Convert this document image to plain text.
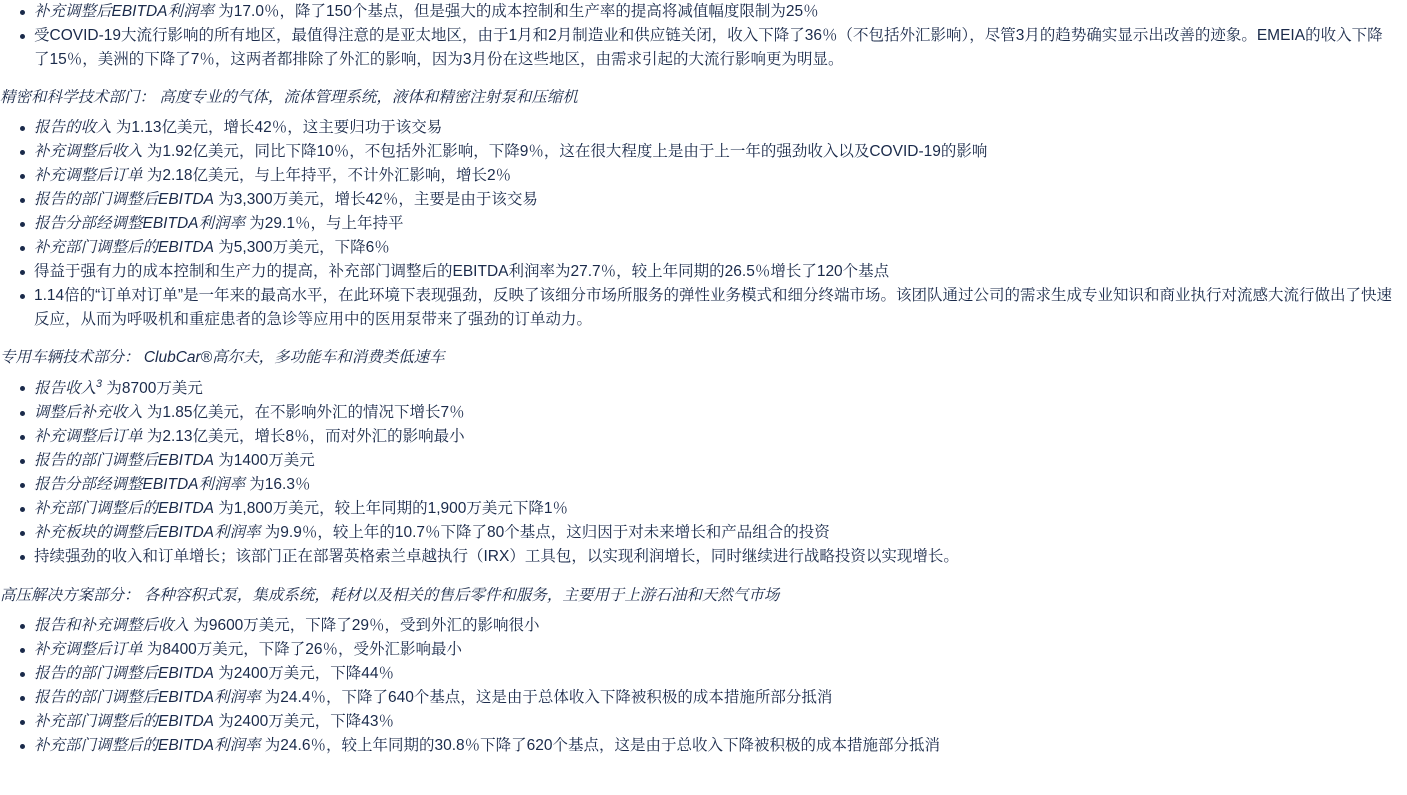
补充调整后EBITDA利润率 为17.0％，降了150个基点，但是强大的成本控制和生产率的提高将减值幅度限制为25％
受COVID-19大流行影响的所有地区，最值得注意的是亚太地区，由于1月和2月制造业和供应链关闭，收入下降了36％（不包括外汇影响），尽管3月的趋势确实显示出改善的迹象。EMEIA的收入下降了15％，美洲的下降了7％，这两者都排除了外汇的影响，因为3月份在这些地区，由需求引起的大流行影响更为明显。

精密和科学技术部门： 高度专业的气体，流体管理系统，液体和精密注射泵和压缩机

报告的收入 为1.13亿美元，增长42％，这主要归功于该交易
补充调整后收入 为1.92亿美元，同比下降10％，不包括外汇影响，下降9％，这在很大程度上是由于上一年的强劲收入以及COVID-19的影响
补充调整后订单 为2.18亿美元，与上年持平，不计外汇影响，增长2％
报告的部门调整后EBITDA 为3,300万美元，增长42％，主要是由于该交易
报告分部经调整EBITDA利润率 为29.1％，与上年持平
补充部门调整后的EBITDA 为5,300万美元，下降6％
得益于强有力的成本控制和生产力的提高，补充部门调整后的EBITDA利润率为27.7％，较上年同期的26.5％增长了120个基点
1.14倍的“订单对订单”是一年来的最高水平，在此环境下表现强劲，反映了该细分市场所服务的弹性业务模式和细分终端市场。该团队通过公司的需求生成专业知识和商业执行对流感大流行做出了快速反应，从而为呼吸机和重症患者的急诊等应用中的医用泵带来了强劲的订单动力。

专用车辆技术部分： ClubCar®高尔夫，多功能车和消费类低速车

报告收入$^3$ 为8700万美元
调整后补充收入 为1.85亿美元，在不影响外汇的情况下增长7％
补充调整后订单 为2.13亿美元，增长8％，而对外汇的影响最小
报告的部门调整后EBITDA 为1400万美元
报告分部经调整EBITDA利润率 为16.3％
补充部门调整后的EBITDA 为1,800万美元，较上年同期的1,900万美元下降1％
补充板块的调整后EBITDA利润率 为9.9％，较上年的10.7％下降了80个基点，这归因于对未来增长和产品组合的投资
持续强劲的收入和订单增长；该部门正在部署英格索兰卓越执行（IRX）工具包，以实现利润增长，同时继续进行战略投资以实现增长。

高压解决方案部分： 各种容积式泵，集成系统，耗材以及相关的售后零件和服务，主要用于上游石油和天然气市场

报告和补充调整后收入 为9600万美元，下降了29％，受到外汇的影响很小
补充调整后订单 为8400万美元，下降了26％，受外汇影响最小
报告的部门调整后EBITDA 为2400万美元，下降44％
报告的部门调整后EBITDA利润率 为24.4％，下降了640个基点，这是由于总体收入下降被积极的成本措施所部分抵消
补充部门调整后的EBITDA 为2400万美元，下降43％
补充部门调整后的EBITDA利润率 为24.6％，较上年同期的30.8％下降了620个基点，这是由于总收入下降被积极的成本措施部分抵消
